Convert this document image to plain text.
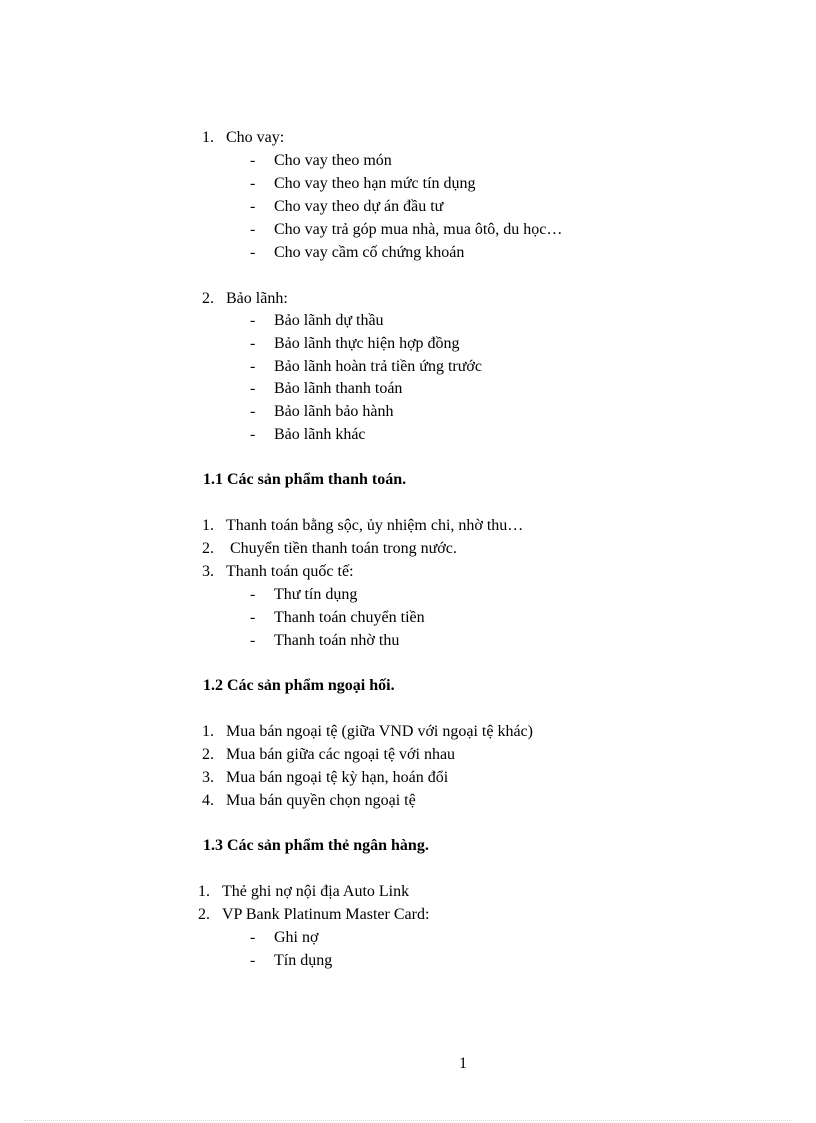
1. Cho vay:
- Cho vay theo món
- Cho vay theo hạn mức tín dụng
- Cho vay theo dự án đầu tư
- Cho vay trả góp mua nhà, mua ôtô, du học…
- Cho vay cầm cố chứng khoán
2. Bảo lãnh:
- Bảo lãnh dự thầu
- Bảo lãnh thực hiện hợp đồng
- Bảo lãnh hoàn trả tiền ứng trước
- Bảo lãnh thanh toán
- Bảo lãnh bảo hành
- Bảo lãnh khác
1.1 Các sản phẩm thanh toán.
1. Thanh toán bằng sộc, ủy nhiệm chi, nhờ thu…
2. Chuyển tiền thanh toán trong nước.
3. Thanh toán quốc tế:
- Thư tín dụng
- Thanh toán chuyển tiền
- Thanh toán nhờ thu
1.2 Các sản phẩm ngoại hối.
1. Mua bán ngoại tệ (giữa VND với ngoại tệ khác)
2. Mua bán giữa các ngoại tệ với nhau
3. Mua bán ngoại tệ kỳ hạn, hoán đổi
4. Mua bán quyền chọn ngoại tệ
1.3 Các sản phẩm thẻ ngân hàng.
1. Thẻ ghi nợ nội địa Auto Link
2. VP Bank Platinum Master Card:
- Ghi nợ
- Tín dụng
1
